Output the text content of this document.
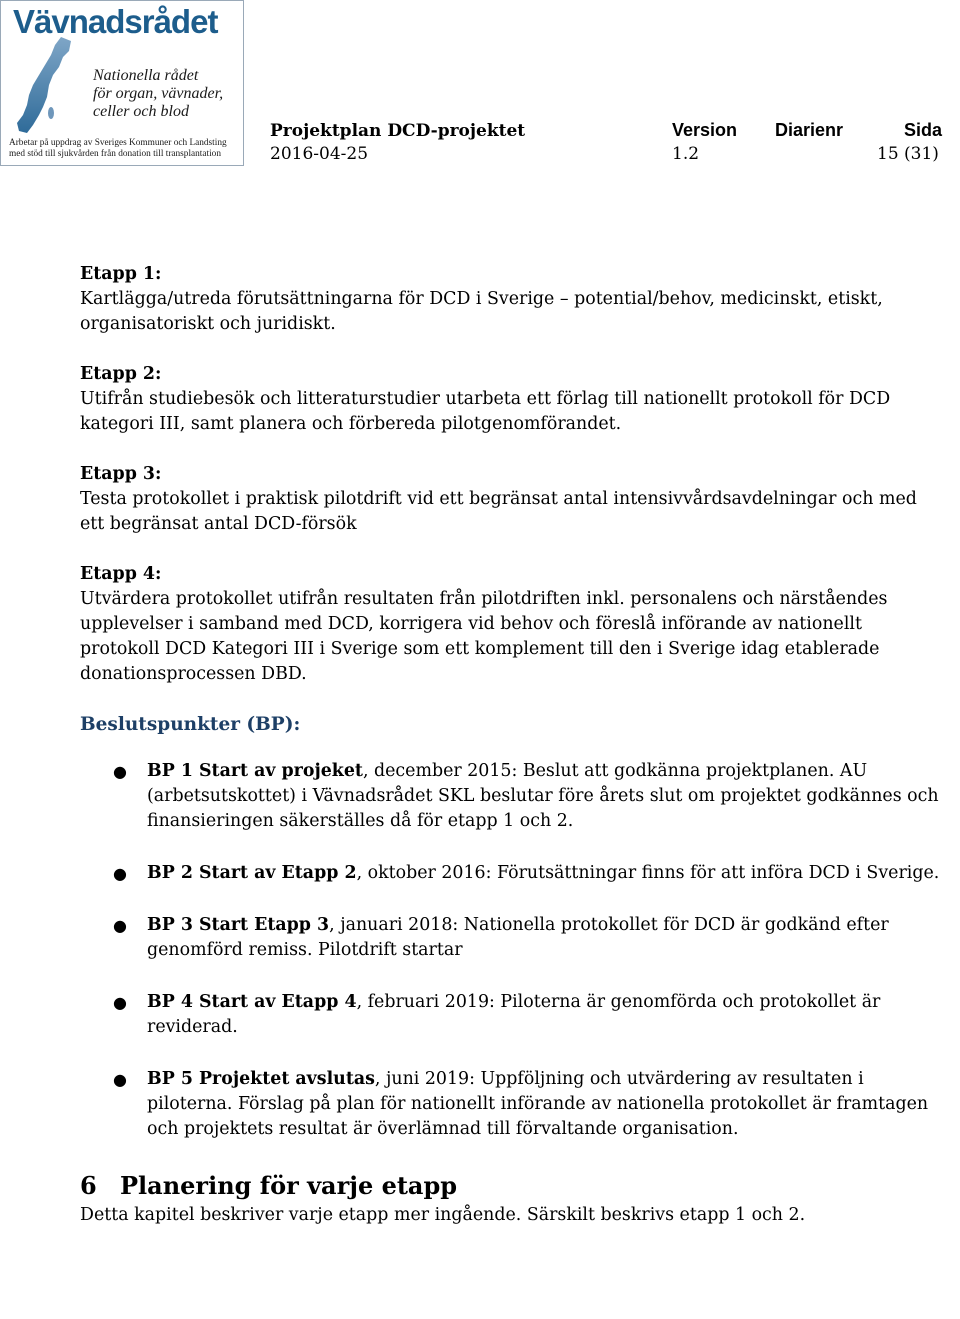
Vävnadsrådet
Nationella rådet
för organ, vävnader,
celler och blod
Arbetar på uppdrag av Sveriges Kommuner och Landsting
med stöd till sjukvården från donation till transplantation
Projektplan DCD-projektet
2016-04-25
Version
1.2
Diarienr	Sida
15 (31)
Etapp 1:
Kartlägga/utreda förutsättningarna för DCD i Sverige – potential/behov, medicinskt, etiskt, organisatoriskt och juridiskt.
Etapp 2:
Utifrån studiebesök och litteraturstudier utarbeta ett förlag till nationellt protokoll för DCD kategori III, samt planera och förbereda pilotgenomförandet.
Etapp 3:
Testa protokollet i praktisk pilotdrift vid ett begränsat antal intensivvårdsavdelningar och med ett begränsat antal DCD-försök
Etapp 4:
Utvärdera protokollet utifrån resultaten från pilotdriften inkl. personalens och närståendes upplevelser i samband med DCD, korrigera vid behov och föreslå införande av nationellt protokoll DCD Kategori III i Sverige som ett komplement till den i Sverige idag etablerade donationsprocessen DBD.
Beslutspunkter (BP):
● BP 1 Start av projeket, december 2015: Beslut att godkänna projektplanen. AU (arbetsutskottet) i Vävnadsrådet SKL beslutar före årets slut om projektet godkännes och finansieringen säkerställes då för etapp 1 och 2.
● BP 2 Start av Etapp 2, oktober 2016: Förutsättningar finns för att införa DCD i Sverige.
● BP 3 Start Etapp 3, januari 2018: Nationella protokollet för DCD är godkänd efter genomförd remiss. Pilotdrift startar
● BP 4 Start av Etapp 4, februari 2019: Piloterna är genomförda och protokollet är reviderad.
● BP 5 Projektet avslutas, juni 2019: Uppföljning och utvärdering av resultaten i piloterna. Förslag på plan för nationellt införande av nationella protokollet är framtagen och projektets resultat är överlämnad till förvaltande organisation.
6 Planering för varje etapp

Detta kapitel beskriver varje etapp mer ingående. Särskilt beskrivs etapp 1 och 2.
